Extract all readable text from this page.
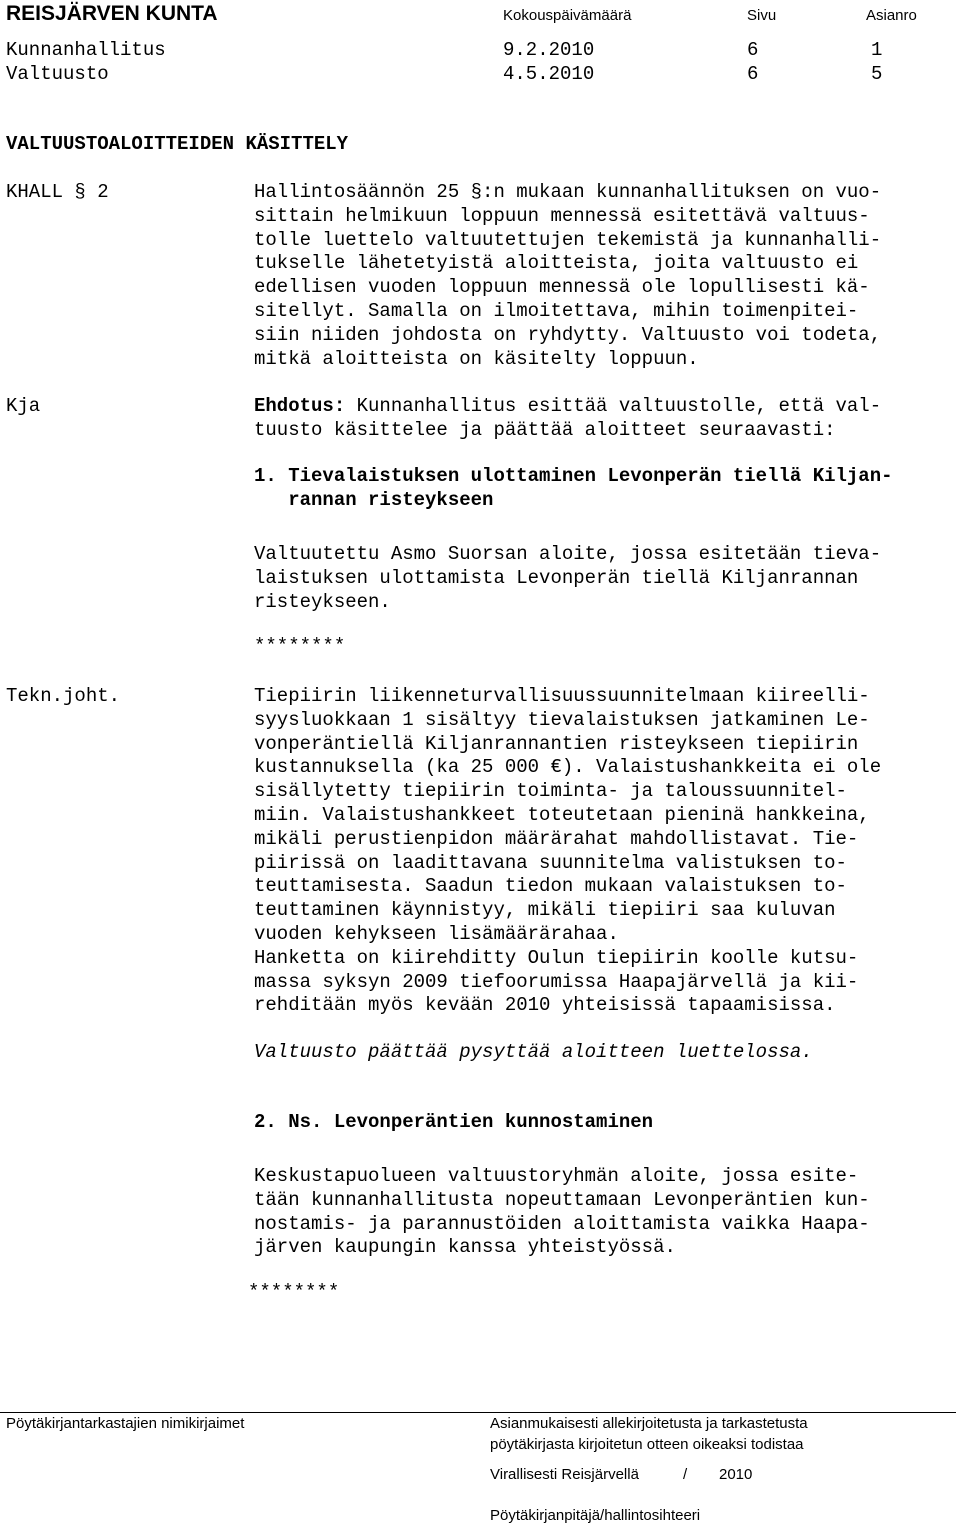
REISJÄRVEN KUNTA	Kokouspäivämäärä	Sivu	Asianro
Kunnanhallitus	9.2.2010	6	1
Valtuusto	4.5.2010	6	5
VALTUUSTOALOITTEIDEN KÄSITTELY
KHALL § 2	Hallintosäännön 25 §:n mukaan kunnanhallituksen on vuo-
sittain helmikuun loppuun mennessä esitettävä valtuus-
tolle luettelo valtuutettujen tekemistä ja kunnanhalli-
tukselle lähetetyistä aloitteista, joita valtuusto ei
edellisen vuoden loppuun mennessä ole lopullisesti kä-
sitellyt. Samalla on ilmoitettava, mihin toimenpitei-
siin niiden johdosta on ryhdytty. Valtuusto voi todeta,
mitkä aloitteista on käsitelty loppuun.
Kja	Ehdotus: Kunnanhallitus esittää valtuustolle, että val-
tuusto käsittelee ja päättää aloitteet seuraavasti:
1. Tievalaistuksen ulottaminen Levonperän tiellä Kiljan-
rannan risteykseen
Valtuutettu Asmo Suorsan aloite, jossa esitetään tieva-
laistuksen ulottamista Levonperän tiellä Kiljanrannan
risteykseen.
********
Tekn.joht.	Tiepiirin liikenneturvallisuussuunnitelmaan kiireelli-
syysluokkaan 1 sisältyy tievalaistuksen jatkaminen Le-
vonperäntiellä Kiljanrannantien risteykseen tiepiirin
kustannuksella (ka 25 000 €). Valaistushankkeita ei ole
sisällytetty tiepiirin toiminta- ja taloussuunnitel-
miin. Valaistushankkeet toteutetaan pieninä hankkeina,
mikäli perustienpidon määrärahat mahdollistavat. Tie-
piirissä on laadittavana suunnitelma valistuksen to-
teuttamisesta. Saadun tiedon mukaan valaistuksen to-
teuttaminen käynnistyy, mikäli tiepiiri saa kuluvan
vuoden kehykseen lisämäärärahaa.
Hanketta on kiirehditty Oulun tiepiirin koolle kutsu-
massa syksyn 2009 tiefoorumissa Haapajärvellä ja kii-
rehditään myös kevään 2010 yhteisissä tapaamisissa.
Valtuusto päättää pysyttää aloitteen luettelossa.
2. Ns. Levonperäntien kunnostaminen
Keskustapuolueen valtuustoryhmän aloite, jossa esite-
tään kunnanhallitusta nopeuttamaan Levonperäntien kun-
nostamis- ja parannustöiden aloittamista vaikka Haapa-
järven kaupungin kanssa yhteistyössä.
********
Pöytäkirjantarkastajien nimikirjaimet	Asianmukaisesti allekirjoitetusta ja tarkastetusta
pöytäkirjasta kirjoitetun otteen oikeaksi todistaa
Virallisesti Reisjärvellä	/ 2010
Pöytäkirjanpitäjä/hallintosihteeri
